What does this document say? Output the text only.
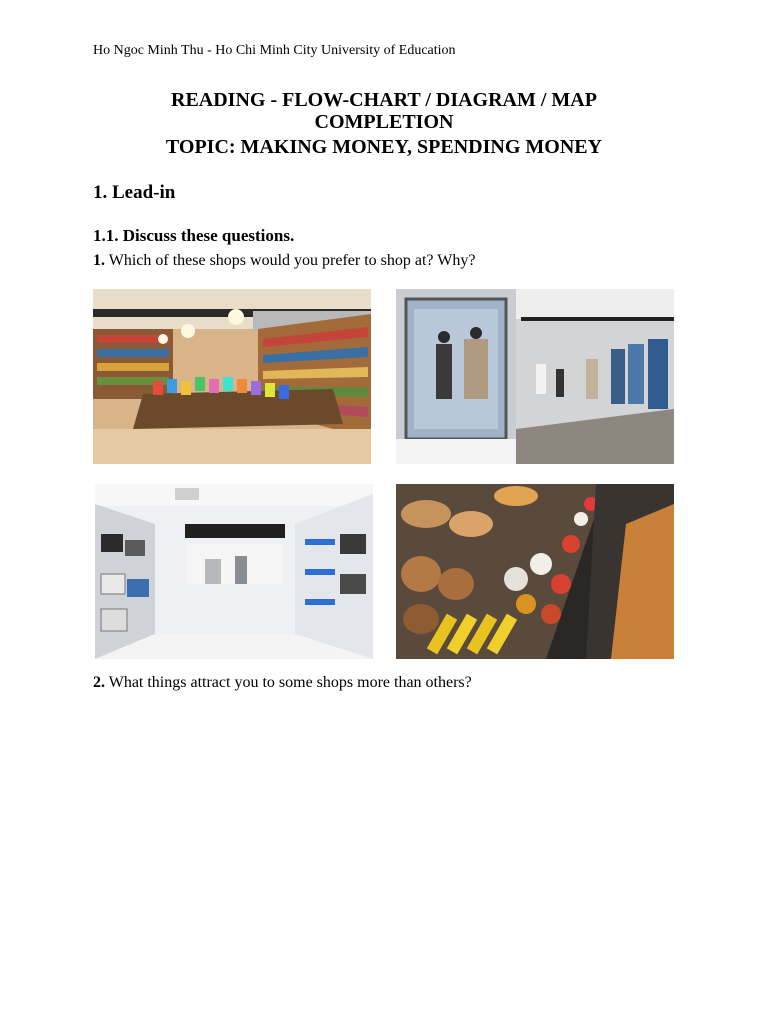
Ho Ngoc Minh Thu - Ho Chi Minh City University of Education
READING - FLOW-CHART / DIAGRAM / MAP
COMPLETION
TOPIC: MAKING MONEY, SPENDING MONEY
1. Lead-in
1.1. Discuss these questions.
1. Which of these shops would you prefer to shop at? Why?
2. What things attract you to some shops more than others?
